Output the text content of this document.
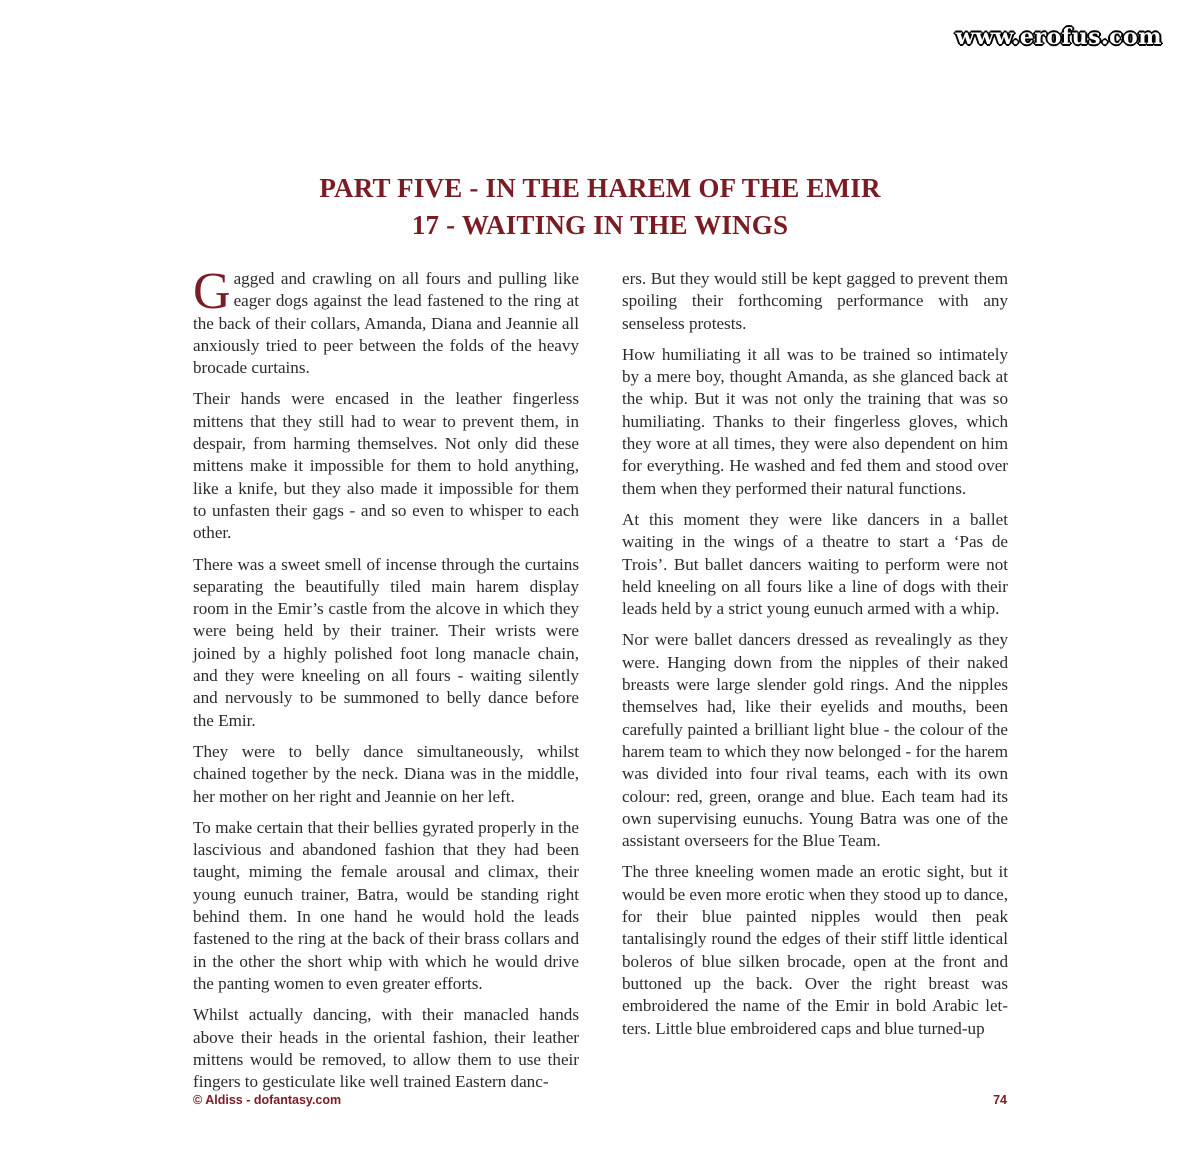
www.erofus.com
PART FIVE - IN THE HAREM OF THE EMIR
17 - WAITING IN THE WINGS

Gagged and crawling on all fours and pulling like eager dogs against the lead fastened to the ring at the back of their collars, Amanda, Diana and Jeannie all anxiously tried to peer between the folds of the heavy brocade curtains.

Their hands were encased in the leather fingerless mittens that they still had to wear to prevent them, in despair, from harming themselves. Not only did these mittens make it impossible for them to hold anything, like a knife, but they also made it impossible for them to unfasten their gags - and so even to whisper to each other.

There was a sweet smell of incense through the curtains separating the beautifully tiled main harem display room in the Emir’s castle from the alcove in which they were being held by their trainer. Their wrists were joined by a highly polished foot long manacle chain, and they were kneeling on all fours - waiting silently and nervously to be summoned to belly dance before the Emir.

They were to belly dance simultaneously, whilst chained together by the neck. Diana was in the middle, her mother on her right and Jeannie on her left.

To make certain that their bellies gyrated properly in the lascivious and abandoned fashion that they had been taught, miming the female arousal and climax, their young eunuch trainer, Batra, would be standing right behind them. In one hand he would hold the leads fastened to the ring at the back of their brass collars and in the other the short whip with which he would drive the panting women to even greater efforts.

Whilst actually dancing, with their manacled hands above their heads in the oriental fashion, their leather mittens would be removed, to allow them to use their fingers to gesticulate like well trained Eastern danc-

ers. But they would still be kept gagged to prevent them spoiling their forthcoming performance with any senseless protests.

How humiliating it all was to be trained so intimately by a mere boy, thought Amanda, as she glanced back at the whip. But it was not only the training that was so humiliating. Thanks to their fingerless gloves, which they wore at all times, they were also dependent on him for everything. He washed and fed them and stood over them when they performed their natural functions.

At this moment they were like dancers in a ballet waiting in the wings of a theatre to start a ‘Pas de Trois’. But ballet dancers waiting to perform were not held kneeling on all fours like a line of dogs with their leads held by a strict young eunuch armed with a whip.

Nor were ballet dancers dressed as revealingly as they were. Hanging down from the nipples of their naked breasts were large slender gold rings. And the nipples themselves had, like their eyelids and mouths, been carefully painted a brilliant light blue - the colour of the harem team to which they now belonged - for the harem was divided into four rival teams, each with its own colour: red, green, orange and blue. Each team had its own supervising eunuchs. Young Batra was one of the assistant overseers for the Blue Team.

The three kneeling women made an erotic sight, but it would be even more erotic when they stood up to dance, for their blue painted nipples would then peak tantalisingly round the edges of their stiff little identical boleros of blue silken brocade, open at the front and buttoned up the back. Over the right breast was embroidered the name of the Emir in bold Arabic letters. Little blue embroidered caps and blue turned-up

© Aldiss - dofantasy.com	74
